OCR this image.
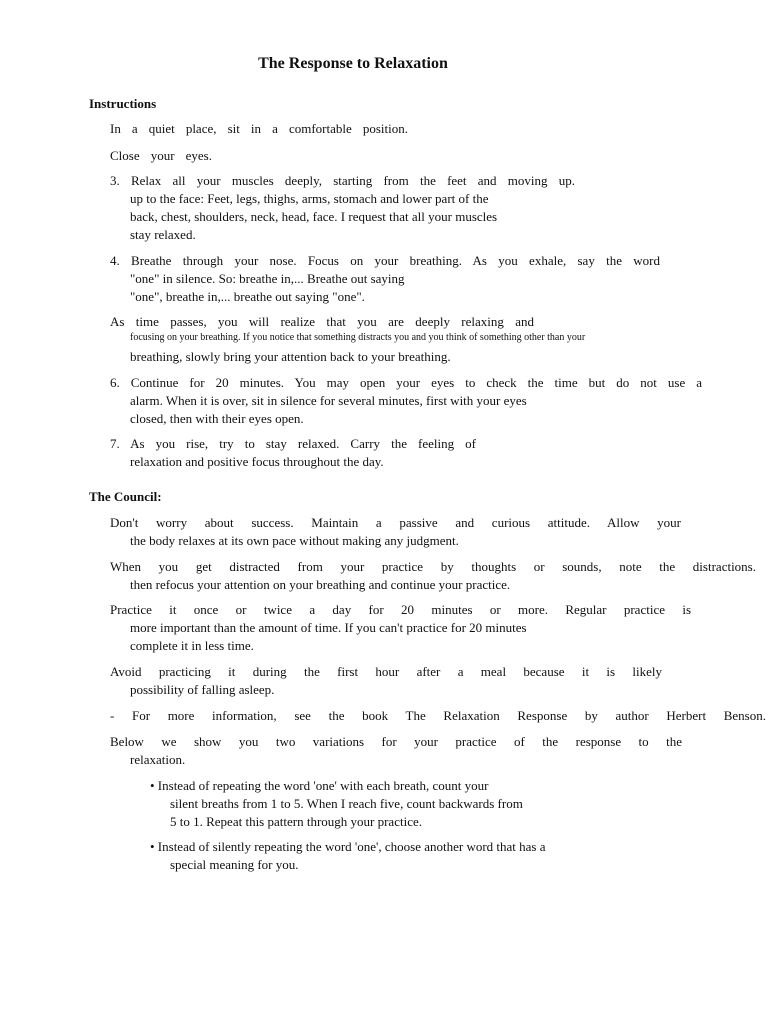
The Response to Relaxation
Instructions

In a quiet place, sit in a comfortable position.

Close your eyes.

3. Relax all your muscles deeply, starting from the feet and moving up.

up to the face: Feet, legs, thighs, arms, stomach and lower part of the

back, chest, shoulders, neck, head, face. I request that all your muscles

stay relaxed.

4. Breathe through your nose. Focus on your breathing. As you exhale, say the word

"one" in silence. So: breathe in,... Breathe out saying

"one", breathe in,... breathe out saying "one".

As time passes, you will realize that you are deeply relaxing and

focusing on your breathing. If you notice that something distracts you and you think of something other than your

breathing, slowly bring your attention back to your breathing.

6. Continue for 20 minutes. You may open your eyes to check the time but do not use a

alarm. When it is over, sit in silence for several minutes, first with your eyes

closed, then with their eyes open.

7. As you rise, try to stay relaxed. Carry the feeling of

relaxation and positive focus throughout the day.

The Council:

Don't worry about success. Maintain a passive and curious attitude. Allow your

the body relaxes at its own pace without making any judgment.

When you get distracted from your practice by thoughts or sounds, note the distractions.

then refocus your attention on your breathing and continue your practice.

Practice it once or twice a day for 20 minutes or more. Regular practice is

more important than the amount of time. If you can't practice for 20 minutes

complete it in less time.

Avoid practicing it during the first hour after a meal because it is likely

possibility of falling asleep.

- For more information, see the book The Relaxation Response by author Herbert Benson.

Below we show you two variations for your practice of the response to the

relaxation.

• Instead of repeating the word 'one' with each breath, count your

silent breaths from 1 to 5. When I reach five, count backwards from

5 to 1. Repeat this pattern through your practice.

• Instead of silently repeating the word 'one', choose another word that has a

special meaning for you.
